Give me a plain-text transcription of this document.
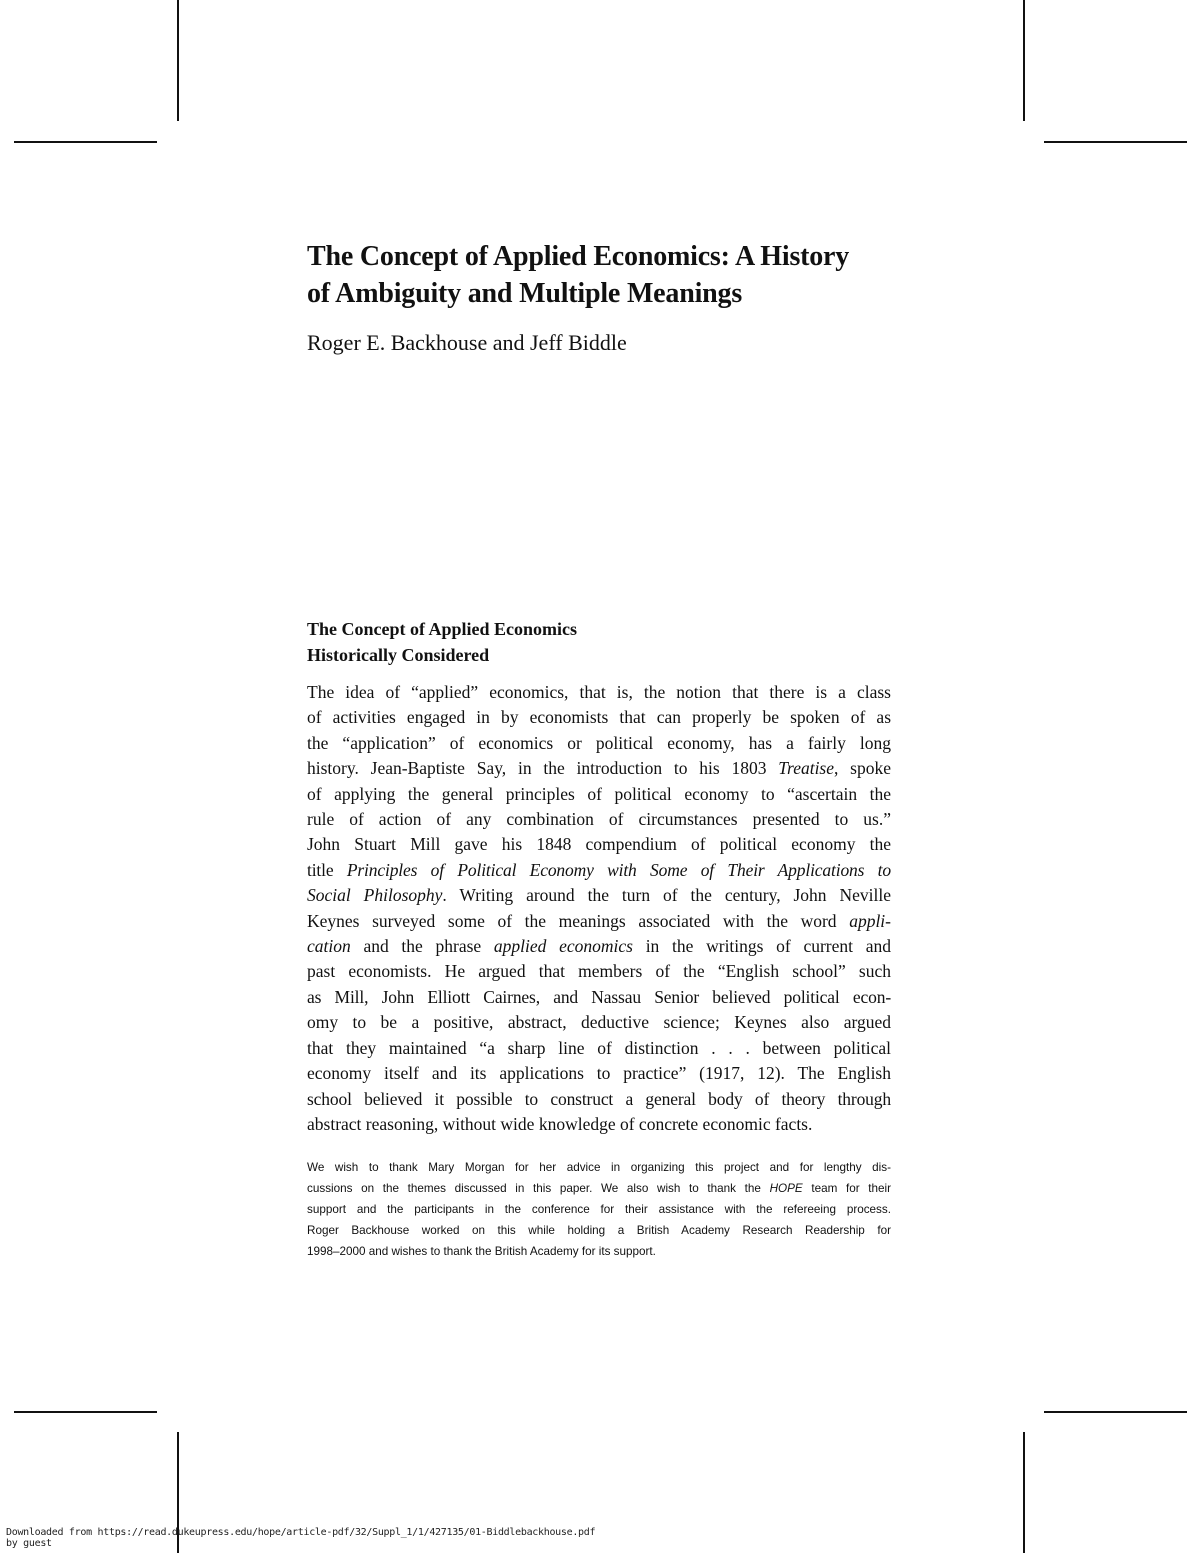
The Concept of Applied Economics: A History
of Ambiguity and Multiple Meanings
Roger E. Backhouse and Jeff Biddle
The Concept of Applied Economics
Historically Considered

The idea of “applied” economics, that is, the notion that there is a class
of activities engaged in by economists that can properly be spoken of as
the “application” of economics or political economy, has a fairly long
history. Jean-Baptiste Say, in the introduction to his 1803 Treatise, spoke
of applying the general principles of political economy to “ascertain the
rule of action of any combination of circumstances presented to us.”
John Stuart Mill gave his 1848 compendium of political economy the
title Principles of Political Economy with Some of Their Applications to
Social Philosophy. Writing around the turn of the century, John Neville
Keynes surveyed some of the meanings associated with the word appli-
cation and the phrase applied economics in the writings of current and
past economists. He argued that members of the “English school” such
as Mill, John Elliott Cairnes, and Nassau Senior believed political econ-
omy to be a positive, abstract, deductive science; Keynes also argued
that they maintained “a sharp line of distinction . . . between political
economy itself and its applications to practice” (1917, 12). The English
school believed it possible to construct a general body of theory through
abstract reasoning, without wide knowledge of concrete economic facts.

We wish to thank Mary Morgan for her advice in organizing this project and for lengthy dis-
cussions on the themes discussed in this paper. We also wish to thank the HOPE team for their
support and the participants in the conference for their assistance with the refereeing process.
Roger Backhouse worked on this while holding a British Academy Research Readership for
1998–2000 and wishes to thank the British Academy for its support.

Downloaded from https://read.dukeupress.edu/hope/article-pdf/32/Suppl_1/1/427135/01-Biddlebackhouse.pdf
by guest
